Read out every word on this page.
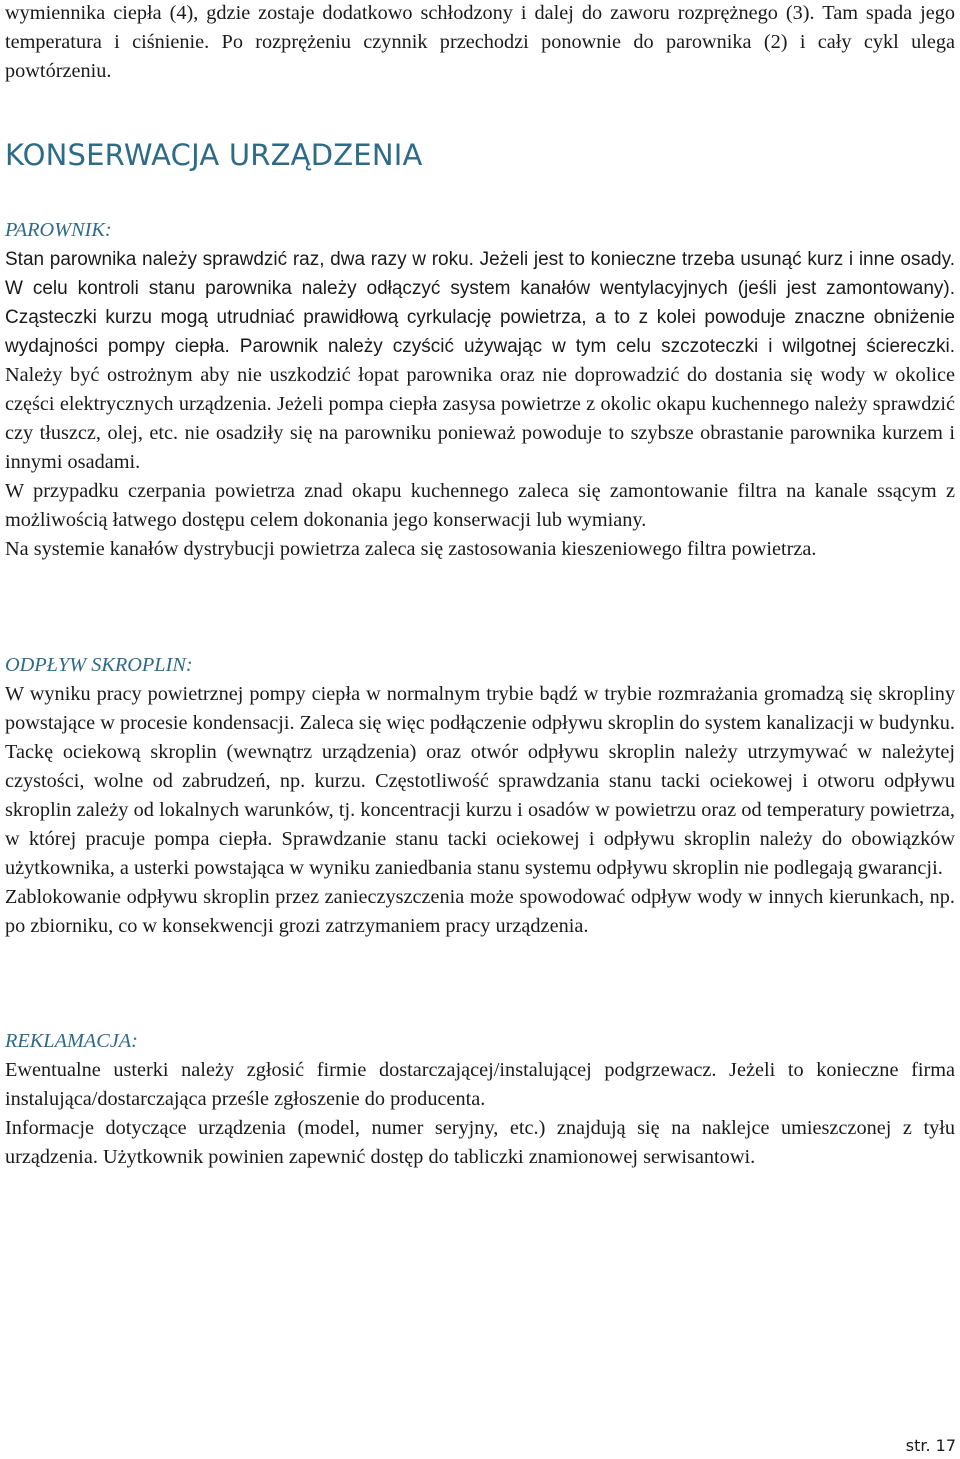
wymiennika ciepła (4), gdzie zostaje dodatkowo schłodzony i dalej do zaworu rozprężnego (3). Tam spada jego temperatura i ciśnienie. Po rozprężeniu czynnik przechodzi ponownie do parownika (2) i cały cykl ulega powtórzeniu.

KONSERWACJA URZĄDZENIA

PAROWNIK:

Stan parownika należy sprawdzić raz, dwa razy w roku. Jeżeli jest to konieczne trzeba usunąć kurz i inne osady. W celu kontroli stanu parownika należy odłączyć system kanałów wentylacyjnych (jeśli jest zamontowany). Cząsteczki kurzu mogą utrudniać prawidłową cyrkulację powietrza, a to z kolei powoduje znaczne obniżenie wydajności pompy ciepła. Parownik należy czyścić używając w tym celu szczoteczki i wilgotnej ściereczki. Należy być ostrożnym aby nie uszkodzić łopat parownika oraz nie doprowadzić do dostania się wody w okolice części elektrycznych urządzenia. Jeżeli pompa ciepła zasysa powietrze z okolic okapu kuchennego należy sprawdzić czy tłuszcz, olej, etc. nie osadziły się na parowniku ponieważ powoduje to szybsze obrastanie parownika kurzem i innymi osadami.

W przypadku czerpania powietrza znad okapu kuchennego zaleca się zamontowanie filtra na kanale ssącym z możliwością łatwego dostępu celem dokonania jego konserwacji lub wymiany.

Na systemie kanałów dystrybucji powietrza zaleca się zastosowania kieszeniowego filtra powietrza.

ODPŁYW SKROPLIN:

W wyniku pracy powietrznej pompy ciepła w normalnym trybie bądź w trybie rozmrażania gromadzą się skropliny powstające w procesie kondensacji. Zaleca się więc podłączenie odpływu skroplin do system kanalizacji w budynku. Tackę ociekową skroplin (wewnątrz urządzenia) oraz otwór odpływu skroplin należy utrzymywać w należytej czystości, wolne od zabrudzeń, np. kurzu. Częstotliwość sprawdzania stanu tacki ociekowej i otworu odpływu skroplin zależy od lokalnych warunków, tj. koncentracji kurzu i osadów w powietrzu oraz od temperatury powietrza, w której pracuje pompa ciepła. Sprawdzanie stanu tacki ociekowej i odpływu skroplin należy do obowiązków użytkownika, a usterki powstająca w wyniku zaniedbania stanu systemu odpływu skroplin nie podlegają gwarancji.

Zablokowanie odpływu skroplin przez zanieczyszczenia może spowodować odpływ wody w innych kierunkach, np. po zbiorniku, co w konsekwencji grozi zatrzymaniem pracy urządzenia.

REKLAMACJA:

Ewentualne usterki należy zgłosić firmie dostarczającej/instalującej podgrzewacz. Jeżeli to konieczne firma instalująca/dostarczająca prześle zgłoszenie do producenta.

Informacje dotyczące urządzenia (model, numer seryjny, etc.) znajdują się na naklejce umieszczonej z tyłu urządzenia. Użytkownik powinien zapewnić dostęp do tabliczki znamionowej serwisantowi.

str. 17
